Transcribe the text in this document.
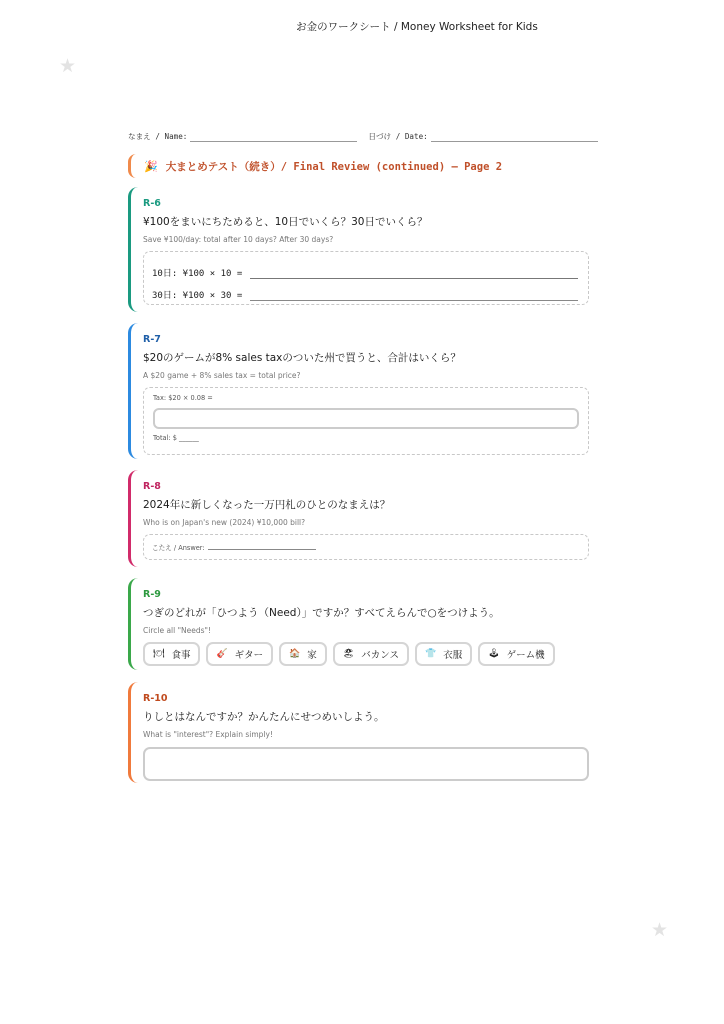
お金のワークシート / Money Worksheet for Kids
★
★
なまえ / Name:	日づけ / Date:
🎉 大まとめテスト（続き）/ Final Review (continued) — Page 2
R-6
¥100をまいにちためると、10日でいくら？30日でいくら？
Save ¥100/day: total after 10 days? After 30 days?
10日: ¥100 × 10 =
30日: ¥100 × 30 =
R-7
$20のゲームが8% sales taxのついた州で買うと、合計はいくら？
A $20 game + 8% sales tax = total price?
Tax: $20 × 0.08 =
Total: $ ______
R-8
2024年に新しくなった一万円札のひとのなまえは？
Who is on Japan's new (2024) ¥10,000 bill?
こたえ / Answer:
R-9
つぎのどれが「ひつよう（Need）」ですか？すべてえらんで○をつけよう。
Circle all "Needs"!
🍽 食事	🎸 ギター	🏠 家	🏖 バカンス	👕 衣服	🕹 ゲーム機
R-10
りしとはなんですか？かんたんにせつめいしよう。
What is "interest"? Explain simply!
